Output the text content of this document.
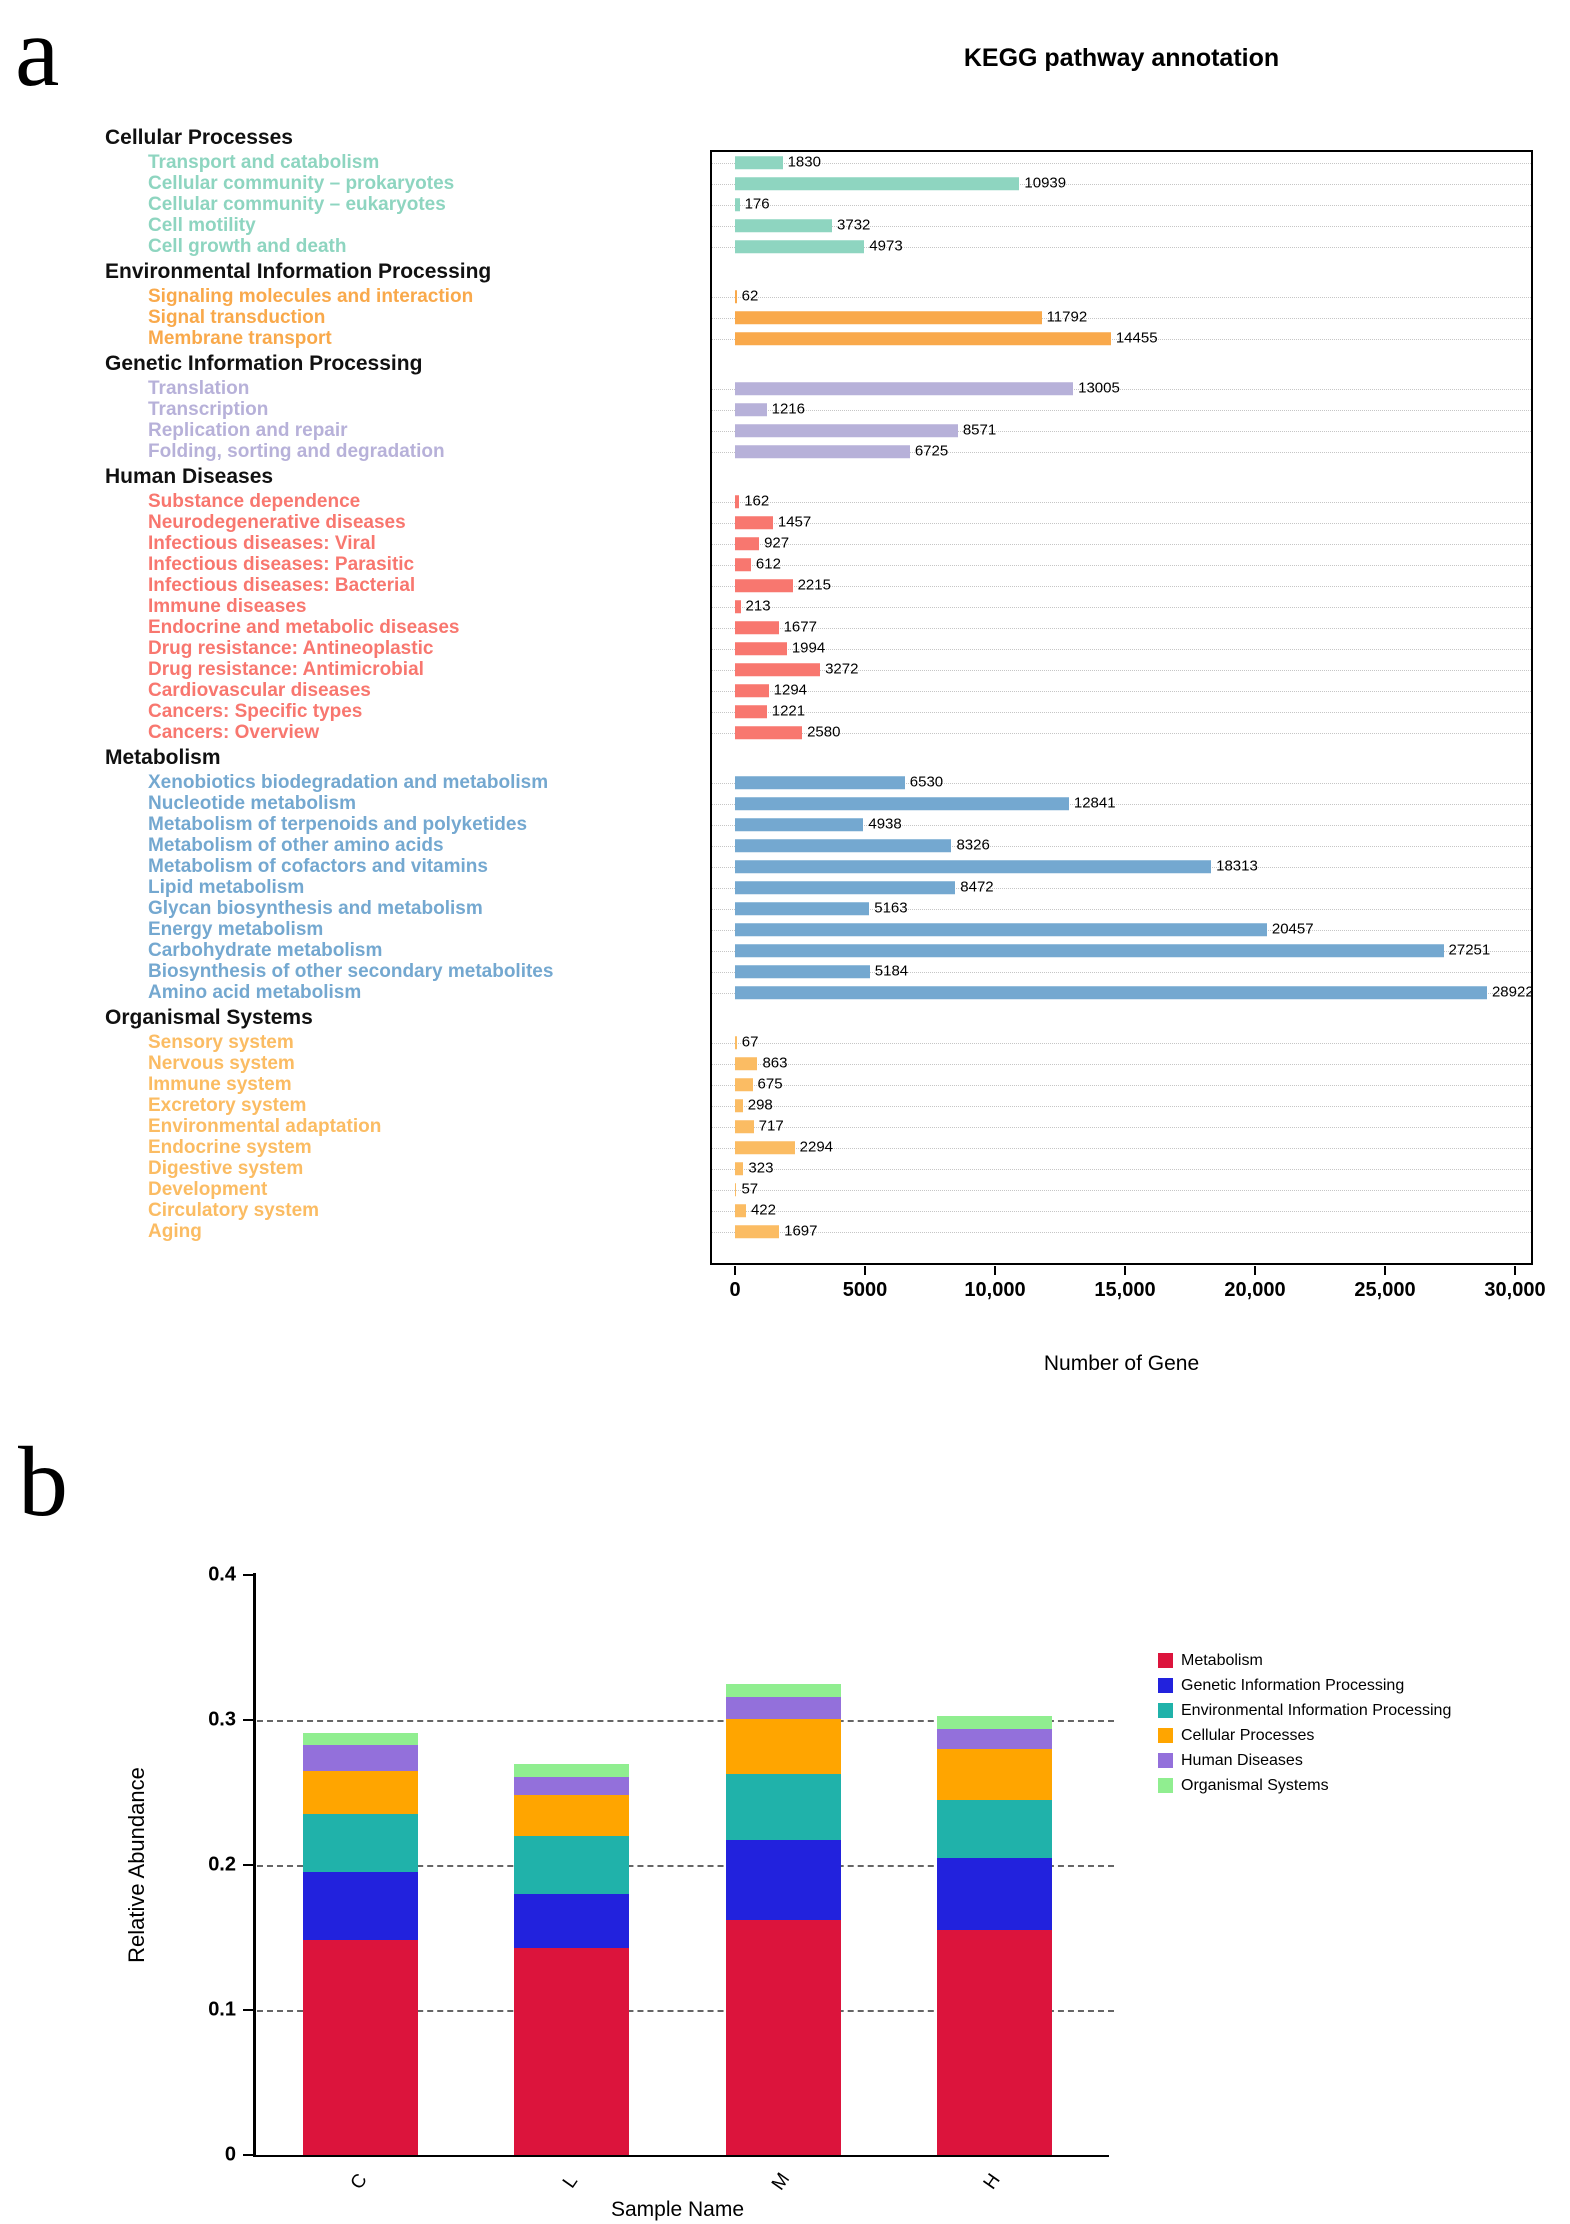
a	KEGG pathway annotation
Cellular Processes
Transport and catabolism	1830
Cellular community – prokaryotes	10939
Cellular community – eukaryotes	176
Cell motility	3732
Cell growth and death	4973
Environmental Information Processing
Signaling molecules and interaction	62
Signal transduction	11792
Membrane transport	14455
Genetic Information Processing
Translation	13005
Transcription	1216
Replication and repair	8571
Folding, sorting and degradation	6725
Human Diseases
Substance dependence	162
Neurodegenerative diseases	1457
Infectious diseases: Viral	927
Infectious diseases: Parasitic	612
Infectious diseases: Bacterial	2215
Immune diseases	213
Endocrine and metabolic diseases	1677
Drug resistance: Antineoplastic	1994
Drug resistance: Antimicrobial	3272
Cardiovascular diseases	1294
Cancers: Specific types	1221
Cancers: Overview	2580
Metabolism
Xenobiotics biodegradation and metabolism	6530
Nucleotide metabolism	12841
Metabolism of terpenoids and polyketides	4938
Metabolism of other amino acids	8326
Metabolism of cofactors and vitamins	18313
Lipid metabolism	8472
Glycan biosynthesis and metabolism	5163
Energy metabolism	20457
Carbohydrate metabolism	27251
Biosynthesis of other secondary metabolites	5184
Amino acid metabolism	28922
Organismal Systems
Sensory system	67
Nervous system	863
Immune system	675
Excretory system	298
Environmental adaptation	717
Endocrine system	2294
Digestive system	323
Development	57
Circulatory system	422
Aging	1697
0	5000	10,000	15,000	20,000	25,000	30,000
Number of Gene
b
Relative Abundance
0
0.1
0.2
0.3
0.4
C	L	M	H
Sample Name
Metabolism
Genetic Information Processing
Environmental Information Processing
Cellular Processes
Human Diseases
Organismal Systems
